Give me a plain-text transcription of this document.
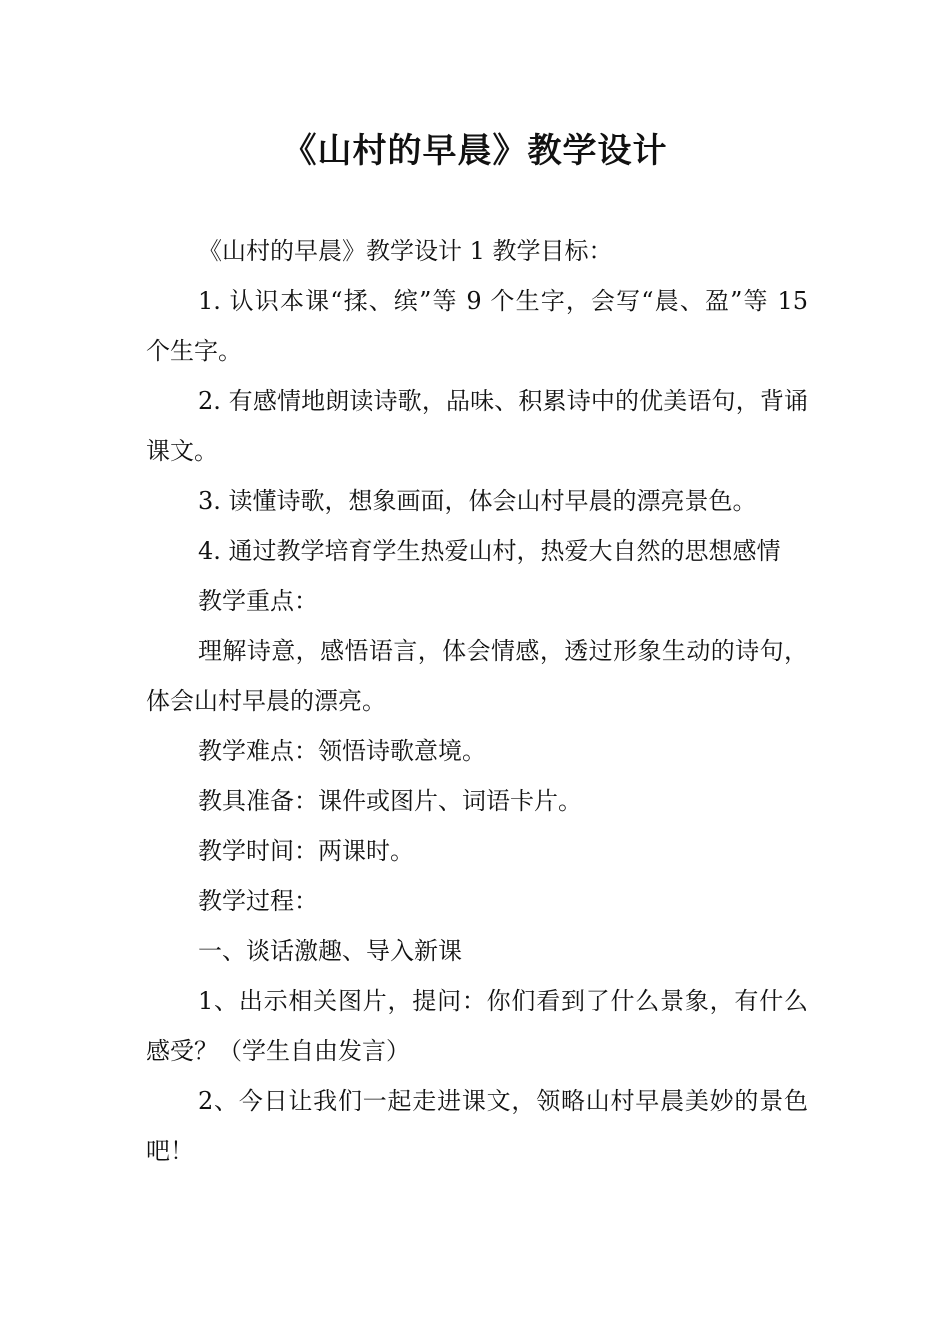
《山村的早晨》教学设计

《山村的早晨》教学设计 1 教学目标：

1. 认识本课“揉、缤”等 9 个生字，会写“晨、盈”等 15 个生字。

2. 有感情地朗读诗歌，品味、积累诗中的优美语句，背诵课文。

3. 读懂诗歌，想象画面，体会山村早晨的漂亮景色。

4. 通过教学培育学生热爱山村，热爱大自然的思想感情

教学重点：

理解诗意，感悟语言，体会情感，透过形象生动的诗句，体会山村早晨的漂亮。

教学难点：领悟诗歌意境。

教具准备：课件或图片、词语卡片。

教学时间：两课时。

教学过程：

一、谈话激趣、导入新课

1、出示相关图片，提问：你们看到了什么景象，有什么感受？（学生自由发言）

2、今日让我们一起走进课文，领略山村早晨美妙的景色吧！
